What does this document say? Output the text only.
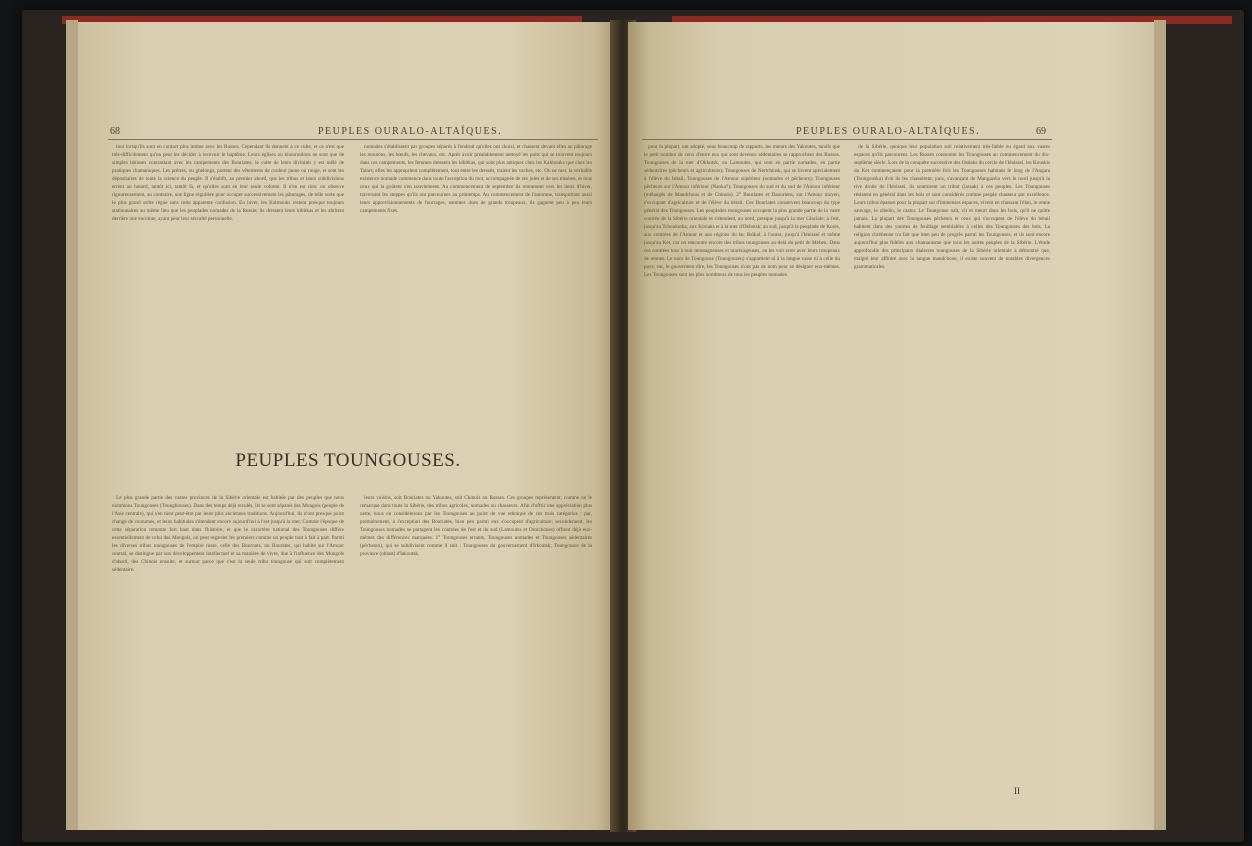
68	PEUPLES OURALO-ALTAÏQUES.
tout lorsqu'ils sont en contact plus intime avec les Russes. Cependant ils donnent à ce culte, et ce n'est que très-difficilement qu'on peut les décider à recevoir le baptême. Leurs églises ou khouroulons ne sont que de simples bâtisses contrastant avec les campements des Bouriates; le culte de leurs divinités y est mêlé de pratiques chamaniques. Les prêtres, ou ghelongs, portent des vêtements de couleur jaune ou rouge, et sont les dépositaires de toute la science du peuple. Il s'établit, au premier abord, que les tribus et leurs subdivisions errent au hasard, tantôt ici, tantôt là, et qu'elles sont en leur seule volonté. Il n'en est rien; on observe rigoureusement, au contraire, une ligne régulière pour occuper successivement les pâturages, de telle sorte que le plus grand ordre règne sans cette apparente confusion. En hiver, les Kalmouks restent presque toujours stationnaires au même lieu que les peuplades nomades de la Russie; ils dressent leurs kibitkas et les abritent derrière une enceinte, ayant peur leur sécurité personnelle.
nomades s'établissent par groupes séparés à l'endroit qu'elles ont choisi, et chassent devant elles au pâturage les moutons, les bœufs, les chevaux, etc. Après avoir préalablement nettoyé les puits qui se trouvent toujours dans ces campements, les femmes dressent les kibitkas, qui sont plus antiques chez les Kalmouks que chez les Tatars; elles les approprient complètement, tout entre les dressés, traient les vaches, etc. On ne met, la véritable existence nomade commence dans toute l'acception du mot, accompagnée de ses joies et de ses misères, et tous ceux qui la goûtent s'en souviennent. Au commencement de septembre ils retournent vers les lieux d'hiver, traversant les steppes qu'ils ont parcourues au printemps. Au commencement de l'automne, transportant aussi leurs approvisionnements de fourrages, sommes dues de grands troupeaux, ils gagnent peu à peu leurs campements fixes.
PEUPLES TOUNGOUSES.
Le plus grande partie des vastes provinces de la Sibérie orientale est habitée par des peuples que nous nommons Toungouses (Tounghouses). Dans des temps déjà reculés, ils se sont séparés des Mongols (peuple de l'Asie centrale), qui s'en tient peut-être par leurs plus anciennes traditions. Aujourd'hui, ils n'ont presque point changé de coutumes, et leurs habitudes s'étendent encore aujourd'hui à l'est jusqu'à la mer. Comme l'époque de cette séparation remonte fort haut dans l'histoire, et que le caractère national des Toungouses différe essentiellement de celui des Mongols, on peut regarder les premiers comme un peuple tout à fait à part. Parmi les diverses tribus toungouses de l'empire russe, celle des Bourouts, ou Bourates, qui habite sur l'Amour central, se distingue par son développement intellectuel et sa manière de vivre, due à l'influence des Mongols d'abord, des Chinois ensuite, et surtout parce que c'est la seule tribu toungouse qui soit complètement sédentaire.
leurs voisins, soit Bouriates ou Yakoutes, soit Chinois ou Russes. Ces groupes représentent, comme on le remarque dans toute la Sibérie, des tribus agricoles, nomades ou chasseurs. Afin d'offrir une appréciation plus nette, nous en considérerons par les Toungouses au point de vue ethnique de ces trois catégories : par, premièrement, à l'exception des Bouriates, bien peu parmi eux s'occupent d'agriculture; secondement, les Toungouses nomades se partagent les contrées de l'est et du sud (Lamoutes et Orotchones) offrent déjà eux-mêmes des différences marquées. 1° Toungouses errants, Toungouses nomades et Toungouses sédentaires (pêcheurs), qui se subdivisent comme il suit : Toungouses du gouvernement d'Irkoutsk; Toungouses de la province (oblast) d'Iakoutsk.
PEUPLES OURALO-ALTAÏQUES.	69
pour la plupart, ont adopté, sous beaucoup de rapports, les mœurs des Yakoutes, tandis que le petit nombre de ceux d'entre eux qui sont devenus sédentaires se rapprochent des Russes. Toungouses de la mer d'Okhotsk, ou Lamoutes, qui sont en partie nomades, en partie sédentaires (pêcheurs et agriculteurs); Toungouses de Nertchinsk, qui se livrent spécialement à l'élève du bétail; Toungouses de l'Amour supérieur (nomades et pêcheurs); Toungouses pêcheurs sur l'Amour inférieur (Nanka?); Toungouses du sud et du sud de l'Amour inférieur (mélangés de Mandchous et de Chinois). 2° Bouriates et Daouriens, sur l'Amour moyen, s'occupant d'agriculture et de l'élève du bétail. Ces Bouriates conservent beaucoup du type général des Toungouses. Les peuplades toungouses occupent la plus grande partie de la vaste contrée de la Sibérie orientale et s'étendent, au nord, presque jusqu'à la mer Glaciale; à l'est, jusqu'au Tchoukotka, aux Koriaks et à la mer d'Okhotsk; au sud, jusqu'à la peuplade de Kores, aux contrées de l'Amour et aux régions du lac Baïkal; à l'ouest, jusqu'à l'Iénisseï et même jusqu'au Ket, car on rencontre encore des tribus toungouses au-delà du petit de Mehen. Dans ces contrées tour à tour montagneuses et marécageuses, on les voit errer avec leurs troupeaux de rennes. Le nom de Toungouse (Toungouzeu) s'appartient ni à la langue russe ni à celle du pays; sur, le gouvernent dire, les Toungouses n'ont pas de nom pour se désigner eux-mêmes. Les Toungouses sont les plus nombreux de tous les peuples nomades.
de la Sibérie, quoique leur population soit relativement très-faible eu égard aux vastes espaces qu'ils parcourent. Les Russes connurent les Toungouses au commencement du dix-septième siècle. Lors de la conquête successive des Ostiaks du cercle de l'Iénisseï, les Kouskis du Ket commençaient pour la première fois les Toungouses habitant le long de l'Angara (Toungouska) d'où ils les chassèrent; puis, s'avançant de Mangazéia vers le nord jusqu'à la rive droite de l'Iénisseï, ils soumirent un tribut (iassak) à ces peuples. Les Toungouses résistent en général dans les bois et sont considérés comme peuple chasseur par excellence. Leurs tribus éparses pour la plupart sur d'immenses espaces, vivent en chassant l'élan, le renne sauvage, le zibelin, le castor. Le Toungouse naît, vit et meurt dans les bois, qu'il ne quitte jamais. La plupart des Toungouses pêcheurs et ceux qui s'occupent de l'élève du bétail habitent dans des yourtes de feuillage semblables à celles des Toungouses des bois. La religion chrétienne n'a fait que bien peu de progrès parmi les Toungouses, et ils sont encore aujourd'hui plus fidèles aux chamanisme que tous les autres peuples de la Sibérie. L'étude approfondie des principaux dialectes toungouses de la Sibérie orientale a démontré que, malgré leur affinité avec la langue mandchoue, il existe souvent de notables divergences grammaticales.
II
